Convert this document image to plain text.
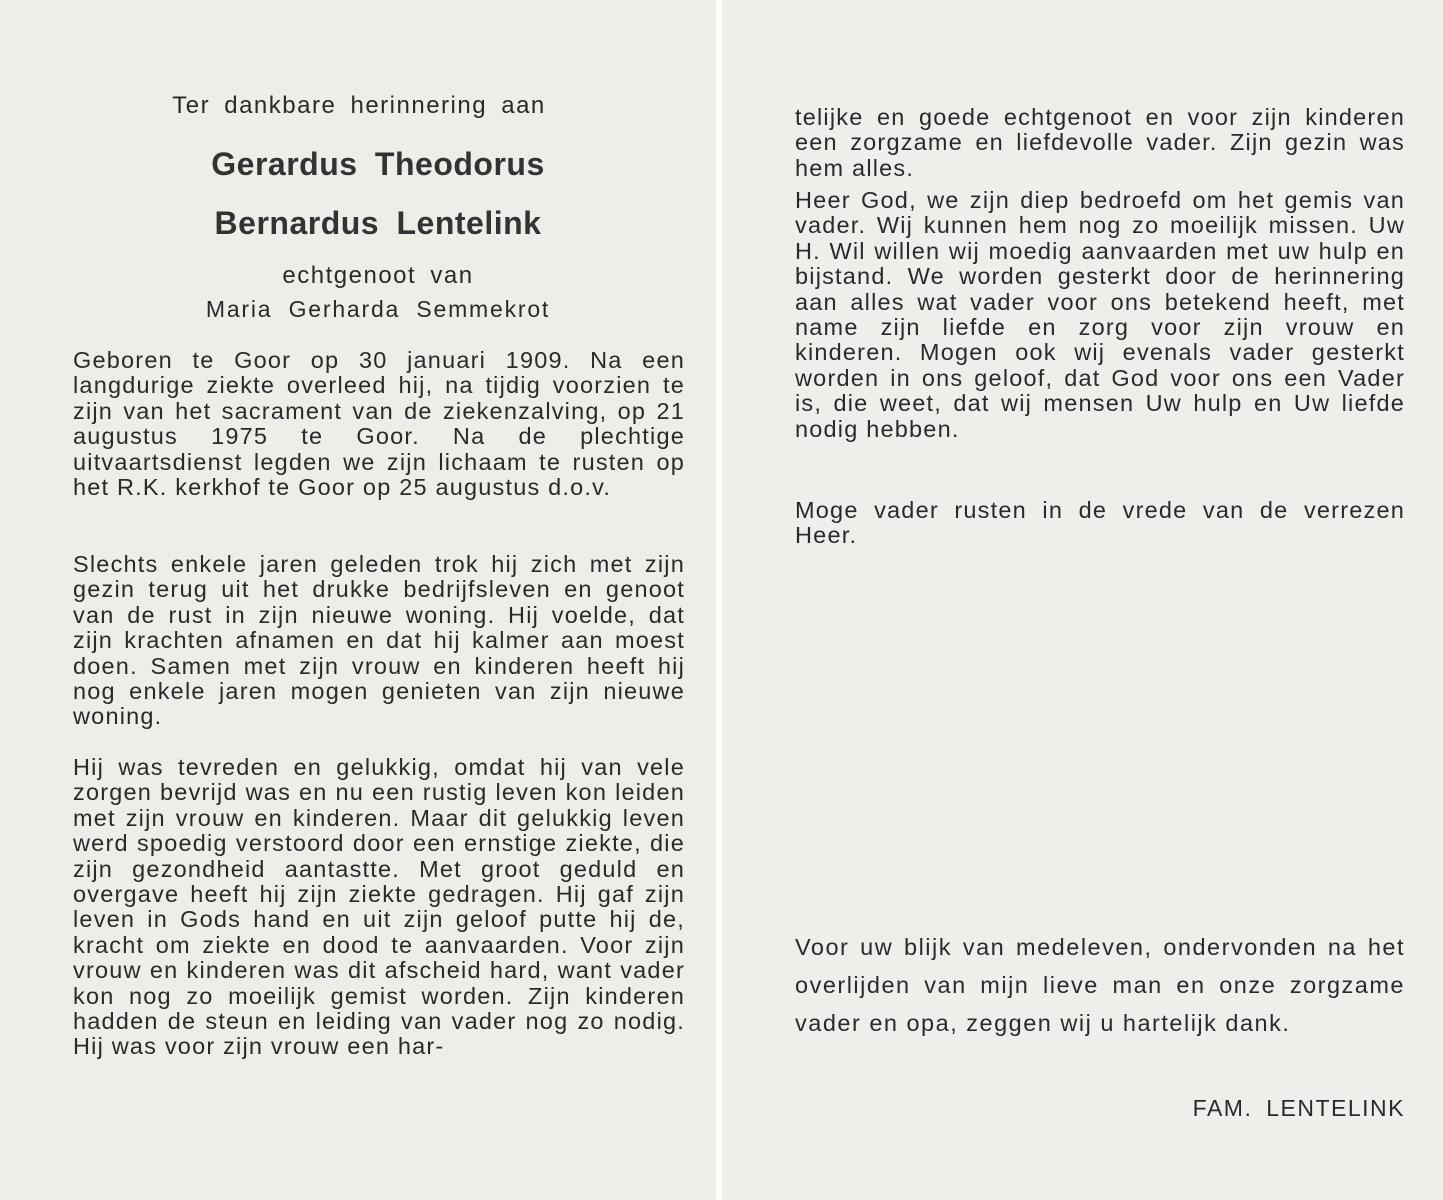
Ter dankbare herinnering aan
Gerardus Theodorus
Bernardus Lentelink
echtgenoot van
Maria Gerharda Semmekrot

Geboren te Goor op 30 januari 1909. Na een langdurige ziekte overleed hij, na tijdig voorzien te zijn van het sacrament van de ziekenzalving, op 21 augustus 1975 te Goor. Na de plechtige uitvaartsdienst legden we zijn lichaam te rusten op het R.K. kerkhof te Goor op 25 augustus d.o.v.

Slechts enkele jaren geleden trok hij zich met zijn gezin terug uit het drukke bedrijfsleven en genoot van de rust in zijn nieuwe woning. Hij voelde, dat zijn krachten afnamen en dat hij kalmer aan moest doen. Samen met zijn vrouw en kinderen heeft hij nog enkele jaren mogen genieten van zijn nieuwe woning.

Hij was tevreden en gelukkig, omdat hij van vele zorgen bevrijd was en nu een rustig leven kon leiden met zijn vrouw en kinderen. Maar dit gelukkig leven werd spoedig verstoord door een ernstige ziekte, die zijn gezondheid aantastte. Met groot geduld en overgave heeft hij zijn ziekte gedragen. Hij gaf zijn leven in Gods hand en uit zijn geloof putte hij de, kracht om ziekte en dood te aanvaarden. Voor zijn vrouw en kinderen was dit afscheid hard, want vader kon nog zo moeilijk gemist worden. Zijn kinderen hadden de steun en leiding van vader nog zo nodig. Hij was voor zijn vrouw een har-

telijke en goede echtgenoot en voor zijn kinderen een zorgzame en liefdevolle vader. Zijn gezin was hem alles.

Heer God, we zijn diep bedroefd om het gemis van vader. Wij kunnen hem nog zo moeilijk missen. Uw H. Wil willen wij moedig aanvaarden met uw hulp en bijstand. We worden gesterkt door de herinnering aan alles wat vader voor ons betekend heeft, met name zijn liefde en zorg voor zijn vrouw en kinderen. Mogen ook wij evenals vader gesterkt worden in ons geloof, dat God voor ons een Vader is, die weet, dat wij mensen Uw hulp en Uw liefde nodig hebben.

Moge vader rusten in de vrede van de verrezen Heer.

Voor uw blijk van medeleven, ondervonden na het overlijden van mijn lieve man en onze zorgzame vader en opa, zeggen wij u hartelijk dank.

FAM. LENTELINK
